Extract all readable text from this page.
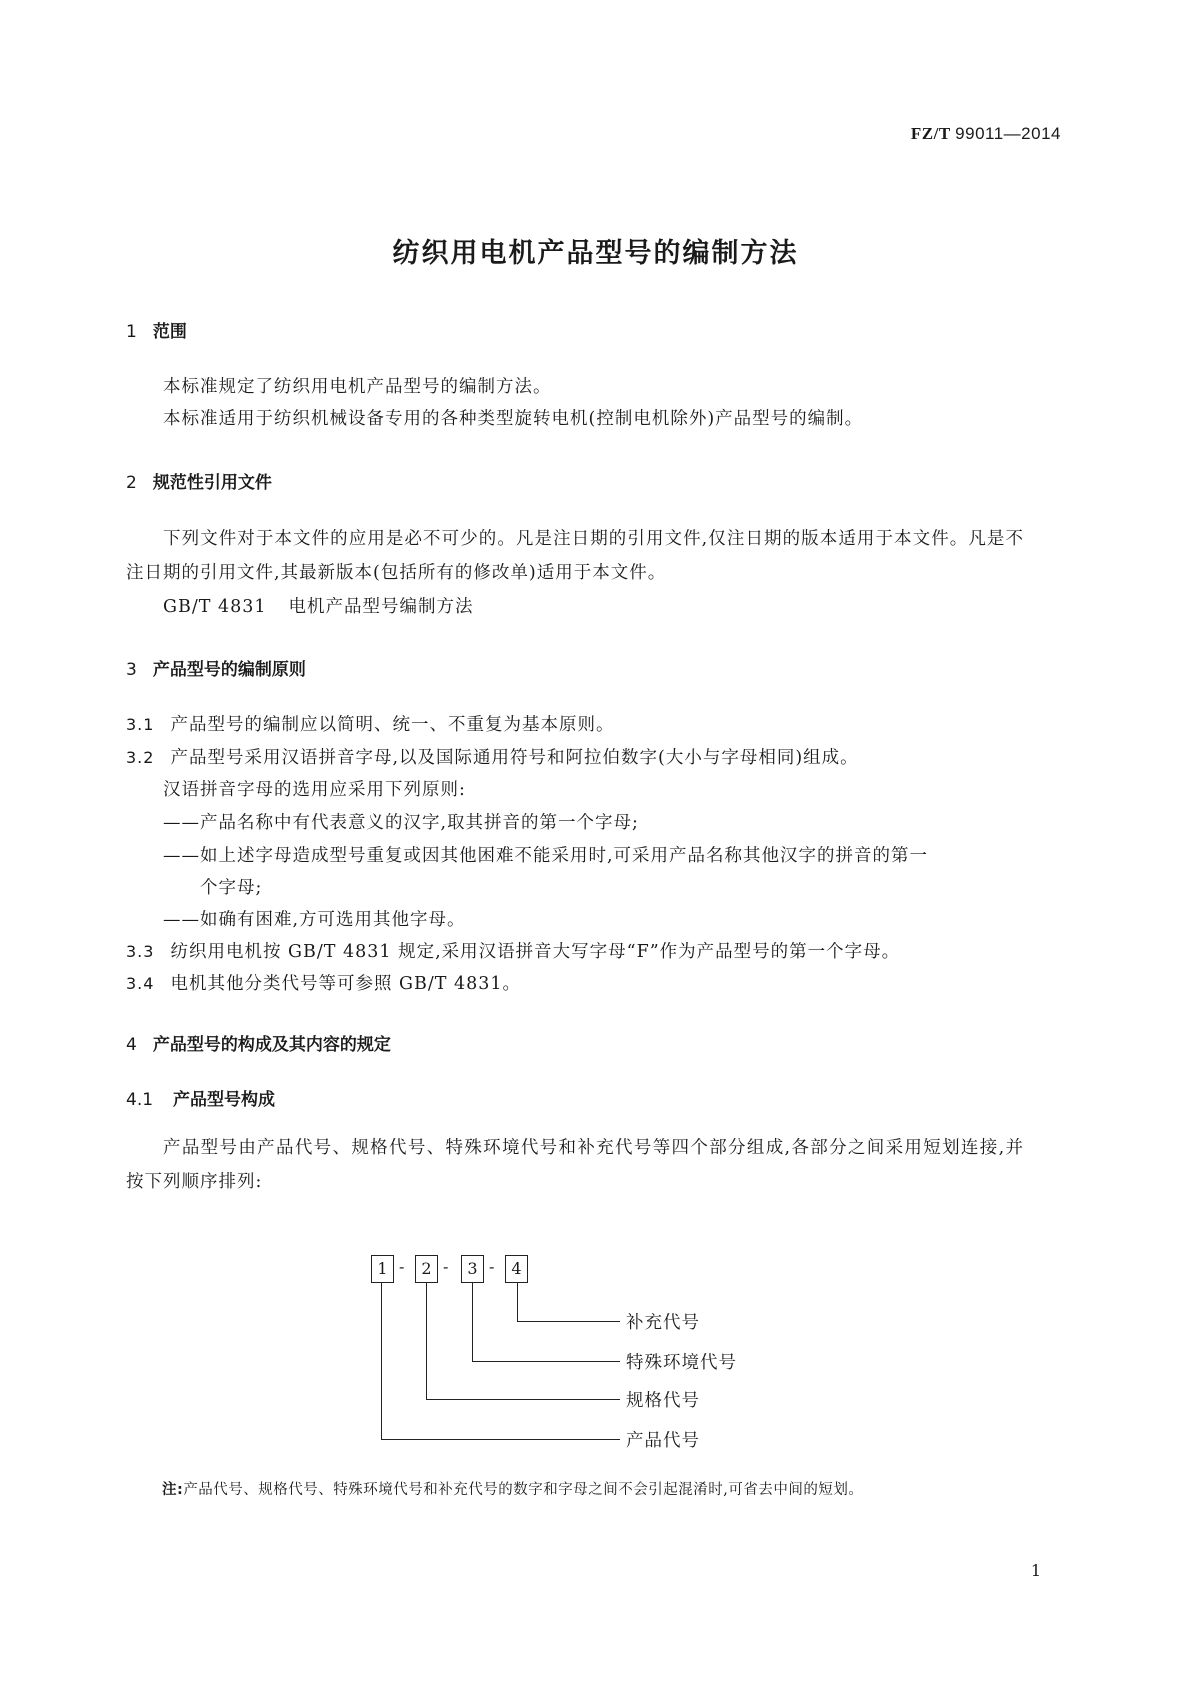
FZ/T 99011—2014
纺织用电机产品型号的编制方法
1 范围
本标准规定了纺织用电机产品型号的编制方法。
本标准适用于纺织机械设备专用的各种类型旋转电机(控制电机除外)产品型号的编制。
2 规范性引用文件
下列文件对于本文件的应用是必不可少的。凡是注日期的引用文件,仅注日期的版本适用于本文件。凡是不注日期的引用文件,其最新版本(包括所有的修改单)适用于本文件。
GB/T 4831 电机产品型号编制方法
3 产品型号的编制原则
3.1 产品型号的编制应以简明、统一、不重复为基本原则。
3.2 产品型号采用汉语拼音字母,以及国际通用符号和阿拉伯数字(大小与字母相同)组成。
汉语拼音字母的选用应采用下列原则:
——产品名称中有代表意义的汉字,取其拼音的第一个字母;
——如上述字母造成型号重复或因其他困难不能采用时,可采用产品名称其他汉字的拼音的第一
个字母;
——如确有困难,方可选用其他字母。
3.3 纺织用电机按 GB/T 4831 规定,采用汉语拼音大写字母“F”作为产品型号的第一个字母。
3.4 电机其他分类代号等可参照 GB/T 4831。
4 产品型号的构成及其内容的规定
4.1 产品型号构成
产品型号由产品代号、规格代号、特殊环境代号和补充代号等四个部分组成,各部分之间采用短划连接,并按下列顺序排列:
1 -	2 -	3 -	4
补充代号
特殊环境代号
规格代号
产品代号
注:产品代号、规格代号、特殊环境代号和补充代号的数字和字母之间不会引起混淆时,可省去中间的短划。
1
